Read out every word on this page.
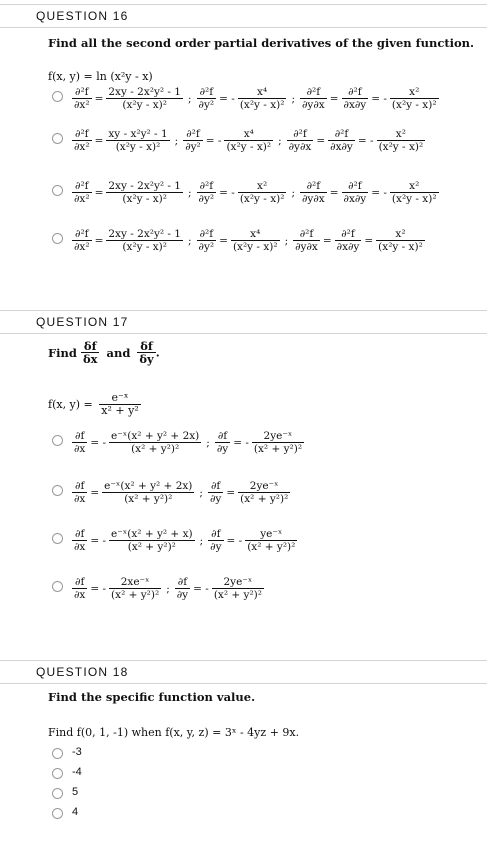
QUESTION 16
Find all the second order partial derivatives of the given function.
f(x, y) = ln (x²y - x)
$\frac{\text{∂²f}}{\text{∂x²}} = \frac{\text{2xy - 2x²y² - 1}}{\text{(x²y - x)²}}$ ; $\frac{\text{∂²f}}{\text{∂y²}}$ = - $\frac{\text{x⁴}}{\text{(x²y - x)²}}$ ; $\frac{\text{∂²f}}{\partial y\partial x} = \frac{\text{∂²f}}{\partial x\partial y}$ = - $\frac{\text{x²}}{\text{(x²y - x)²}}$
$\frac{\text{∂²f}}{\text{∂x²}} = \frac{\text{xy - x²y² - 1}}{\text{(x²y - x)²}}$ ; $\frac{\text{∂²f}}{\text{∂y²}}$ = - $\frac{\text{x⁴}}{\text{(x²y - x)²}}$ ; $\frac{\text{∂²f}}{\partial y\partial x} = \frac{\text{∂²f}}{\partial x\partial y}$ = - $\frac{\text{x²}}{\text{(x²y - x)²}}$
$\frac{\text{∂²f}}{\text{∂x²}} = \frac{\text{2xy - 2x²y² - 1}}{\text{(x²y - x)²}}$ ; $\frac{\text{∂²f}}{\text{∂y²}}$ = - $\frac{\text{x²}}{\text{(x²y - x)²}}$ ; $\frac{\text{∂²f}}{\partial y\partial x} = \frac{\text{∂²f}}{\partial x\partial y}$ = - $\frac{\text{x²}}{\text{(x²y - x)²}}$
$\frac{\text{∂²f}}{\text{∂x²}} = \frac{\text{2xy - 2x²y² - 1}}{\text{(x²y - x)²}}$ ; $\frac{\text{∂²f}}{\text{∂y²}} = \frac{\text{x⁴}}{\text{(x²y - x)²}}$ ; $\frac{\text{∂²f}}{\partial y\partial x} = \frac{\text{∂²f}}{\partial x\partial y} = \frac{\text{x²}}{\text{(x²y - x)²}}$
QUESTION 17
Find $\frac{\delta f}{\delta x}$ and $\frac{\delta f}{\delta y}$ .
f(x, $y) = \frac{\text{e⁻ˣ}}{\text{x² + y²}}$
$\frac{\partial f}{\partial x}$ = - $\frac{\text{e⁻ˣ(x² + y² + 2x)}}{\text{(x² + y²)²}}$ ; $\frac{\partial f}{\partial y}$ = - $\frac{\text{2ye⁻ˣ}}{\text{(x² + y²)²}}$
$\frac{\partial f}{\partial x} = \frac{\text{e⁻ˣ(x² + y² + 2x)}}{\text{(x² + y²)²}}$ ; $\frac{\partial f}{\partial y} = \frac{\text{2ye⁻ˣ}}{\text{(x² + y²)²}}$
$\frac{\partial f}{\partial x}$ = - $\frac{\text{e⁻ˣ(x² + y² + x)}}{\text{(x² + y²)²}}$ ; $\frac{\partial f}{\partial y}$ = - $\frac{\text{ye⁻ˣ}}{\text{(x² + y²)²}}$
$\frac{\partial f}{\partial x}$ = - $\frac{\text{2xe⁻ˣ}}{\text{(x² + y²)²}}$ ; $\frac{\partial f}{\partial y}$ = - $\frac{\text{2ye⁻ˣ}}{\text{(x² + y²)²}}$
QUESTION 18
Find the specific function value.
Find f(0, 1, -1) when f(x, y, z) = 3ˣ - 4yz + 9x.
-3
-4
5
4
